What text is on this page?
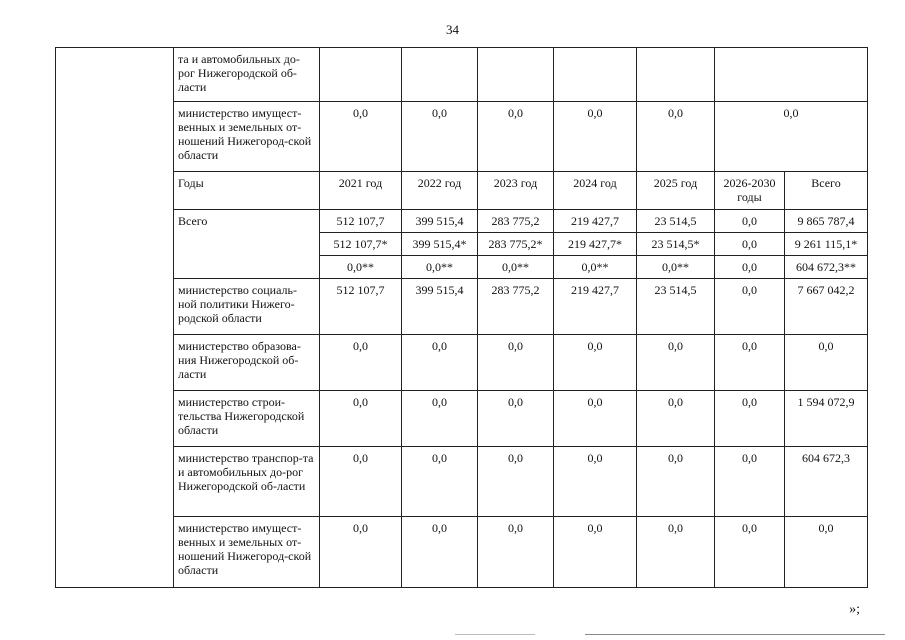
34
	та и автомобильных до-рог Нижегородской об-ласти							
	министерство имущест-венных и земельных от-ношений Нижегород-ской области	0,0	0,0	0,0	0,0	0,0	0,0	
	Годы	2021 год	2022 год	2023 год	2024 год	2025 год	2026-2030 годы	Всего
	Всего	512 107,7	399 515,4	283 775,2	219 427,7	23 514,5	0,0	9 865 787,4
		512 107,7*	399 515,4*	283 775,2*	219 427,7*	23 514,5*	0,0	9 261 115,1*
		0,0**	0,0**	0,0**	0,0**	0,0**	0,0	604 672,3**
	министерство социаль-ной политики Нижего-родской области	512 107,7	399 515,4	283 775,2	219 427,7	23 514,5	0,0	7 667 042,2
	министерство образова-ния Нижегородской об-ласти	0,0	0,0	0,0	0,0	0,0	0,0	0,0
	министерство строи-тельства Нижегородской области	0,0	0,0	0,0	0,0	0,0	0,0	1 594 072,9
	министерство транспор-та и автомобильных до-рог Нижегородской об-ласти	0,0	0,0	0,0	0,0	0,0	0,0	604 672,3
	министерство имущест-венных и земельных от-ношений Нижегород-ской области	0,0	0,0	0,0	0,0	0,0	0,0	0,0
»;
